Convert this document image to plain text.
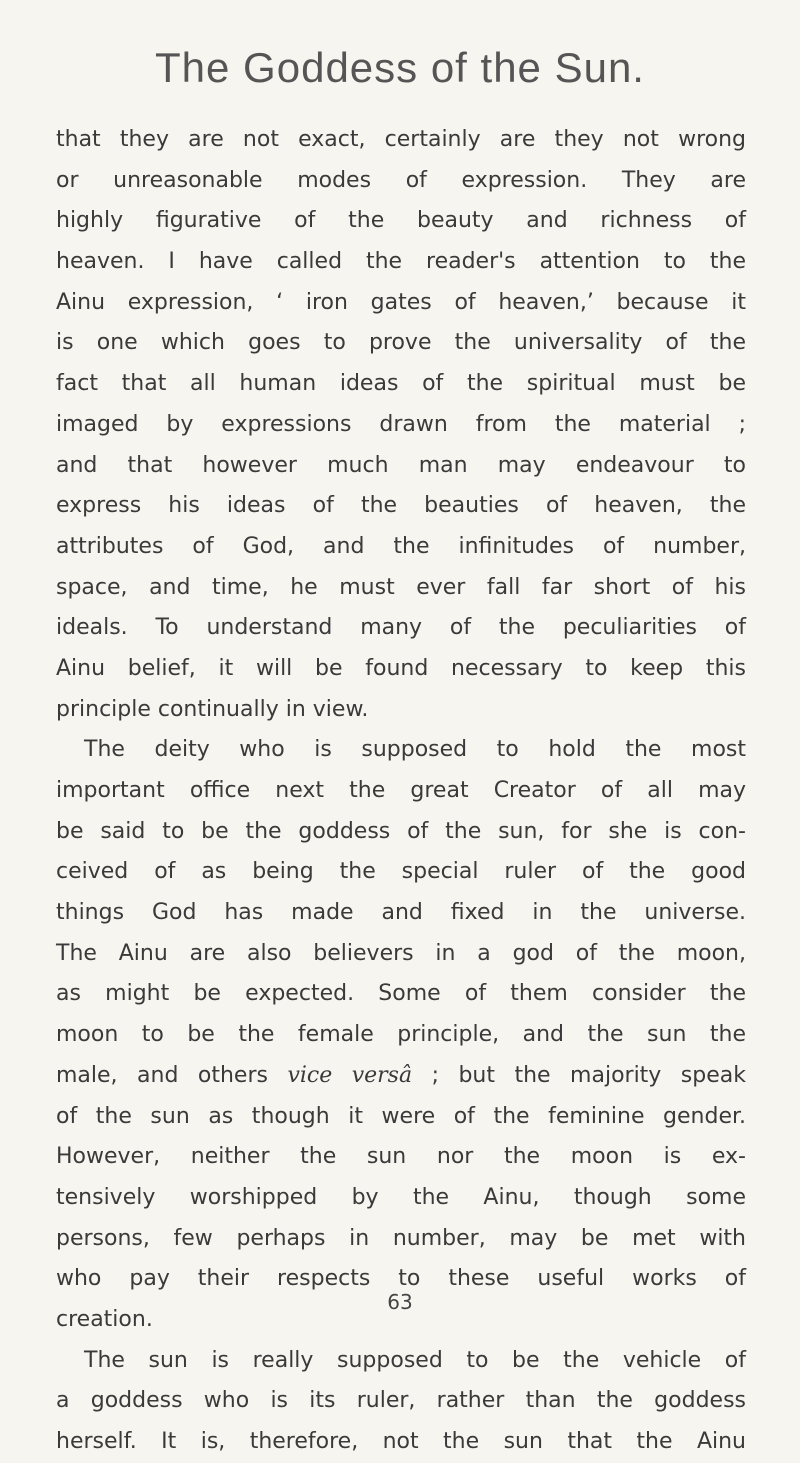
The Goddess of the Sun.
that they are not exact, certainly are they not wrong
or unreasonable modes of expression. They are
highly figurative of the beauty and richness of
heaven. I have called the reader's attention to the
Ainu expression, ‘ iron gates of heaven,’ because it
is one which goes to prove the universality of the
fact that all human ideas of the spiritual must be
imaged by expressions drawn from the material ;
and that however much man may endeavour to
express his ideas of the beauties of heaven, the
attributes of God, and the infinitudes of number,
space, and time, he must ever fall far short of his
ideals. To understand many of the peculiarities of
Ainu belief, it will be found necessary to keep this
principle continually in view.
The deity who is supposed to hold the most
important office next the great Creator of all may
be said to be the goddess of the sun, for she is con-
ceived of as being the special ruler of the good
things God has made and fixed in the universe.
The Ainu are also believers in a god of the moon,
as might be expected. Some of them consider the
moon to be the female principle, and the sun the
male, and others vice versâ ; but the majority speak
of the sun as though it were of the feminine gender.
However, neither the sun nor the moon is ex-
tensively worshipped by the Ainu, though some
persons, few perhaps in number, may be met with
who pay their respects to these useful works of
creation.
The sun is really supposed to be the vehicle of
a goddess who is its ruler, rather than the goddess
herself. It is, therefore, not the sun that the Ainu
63
